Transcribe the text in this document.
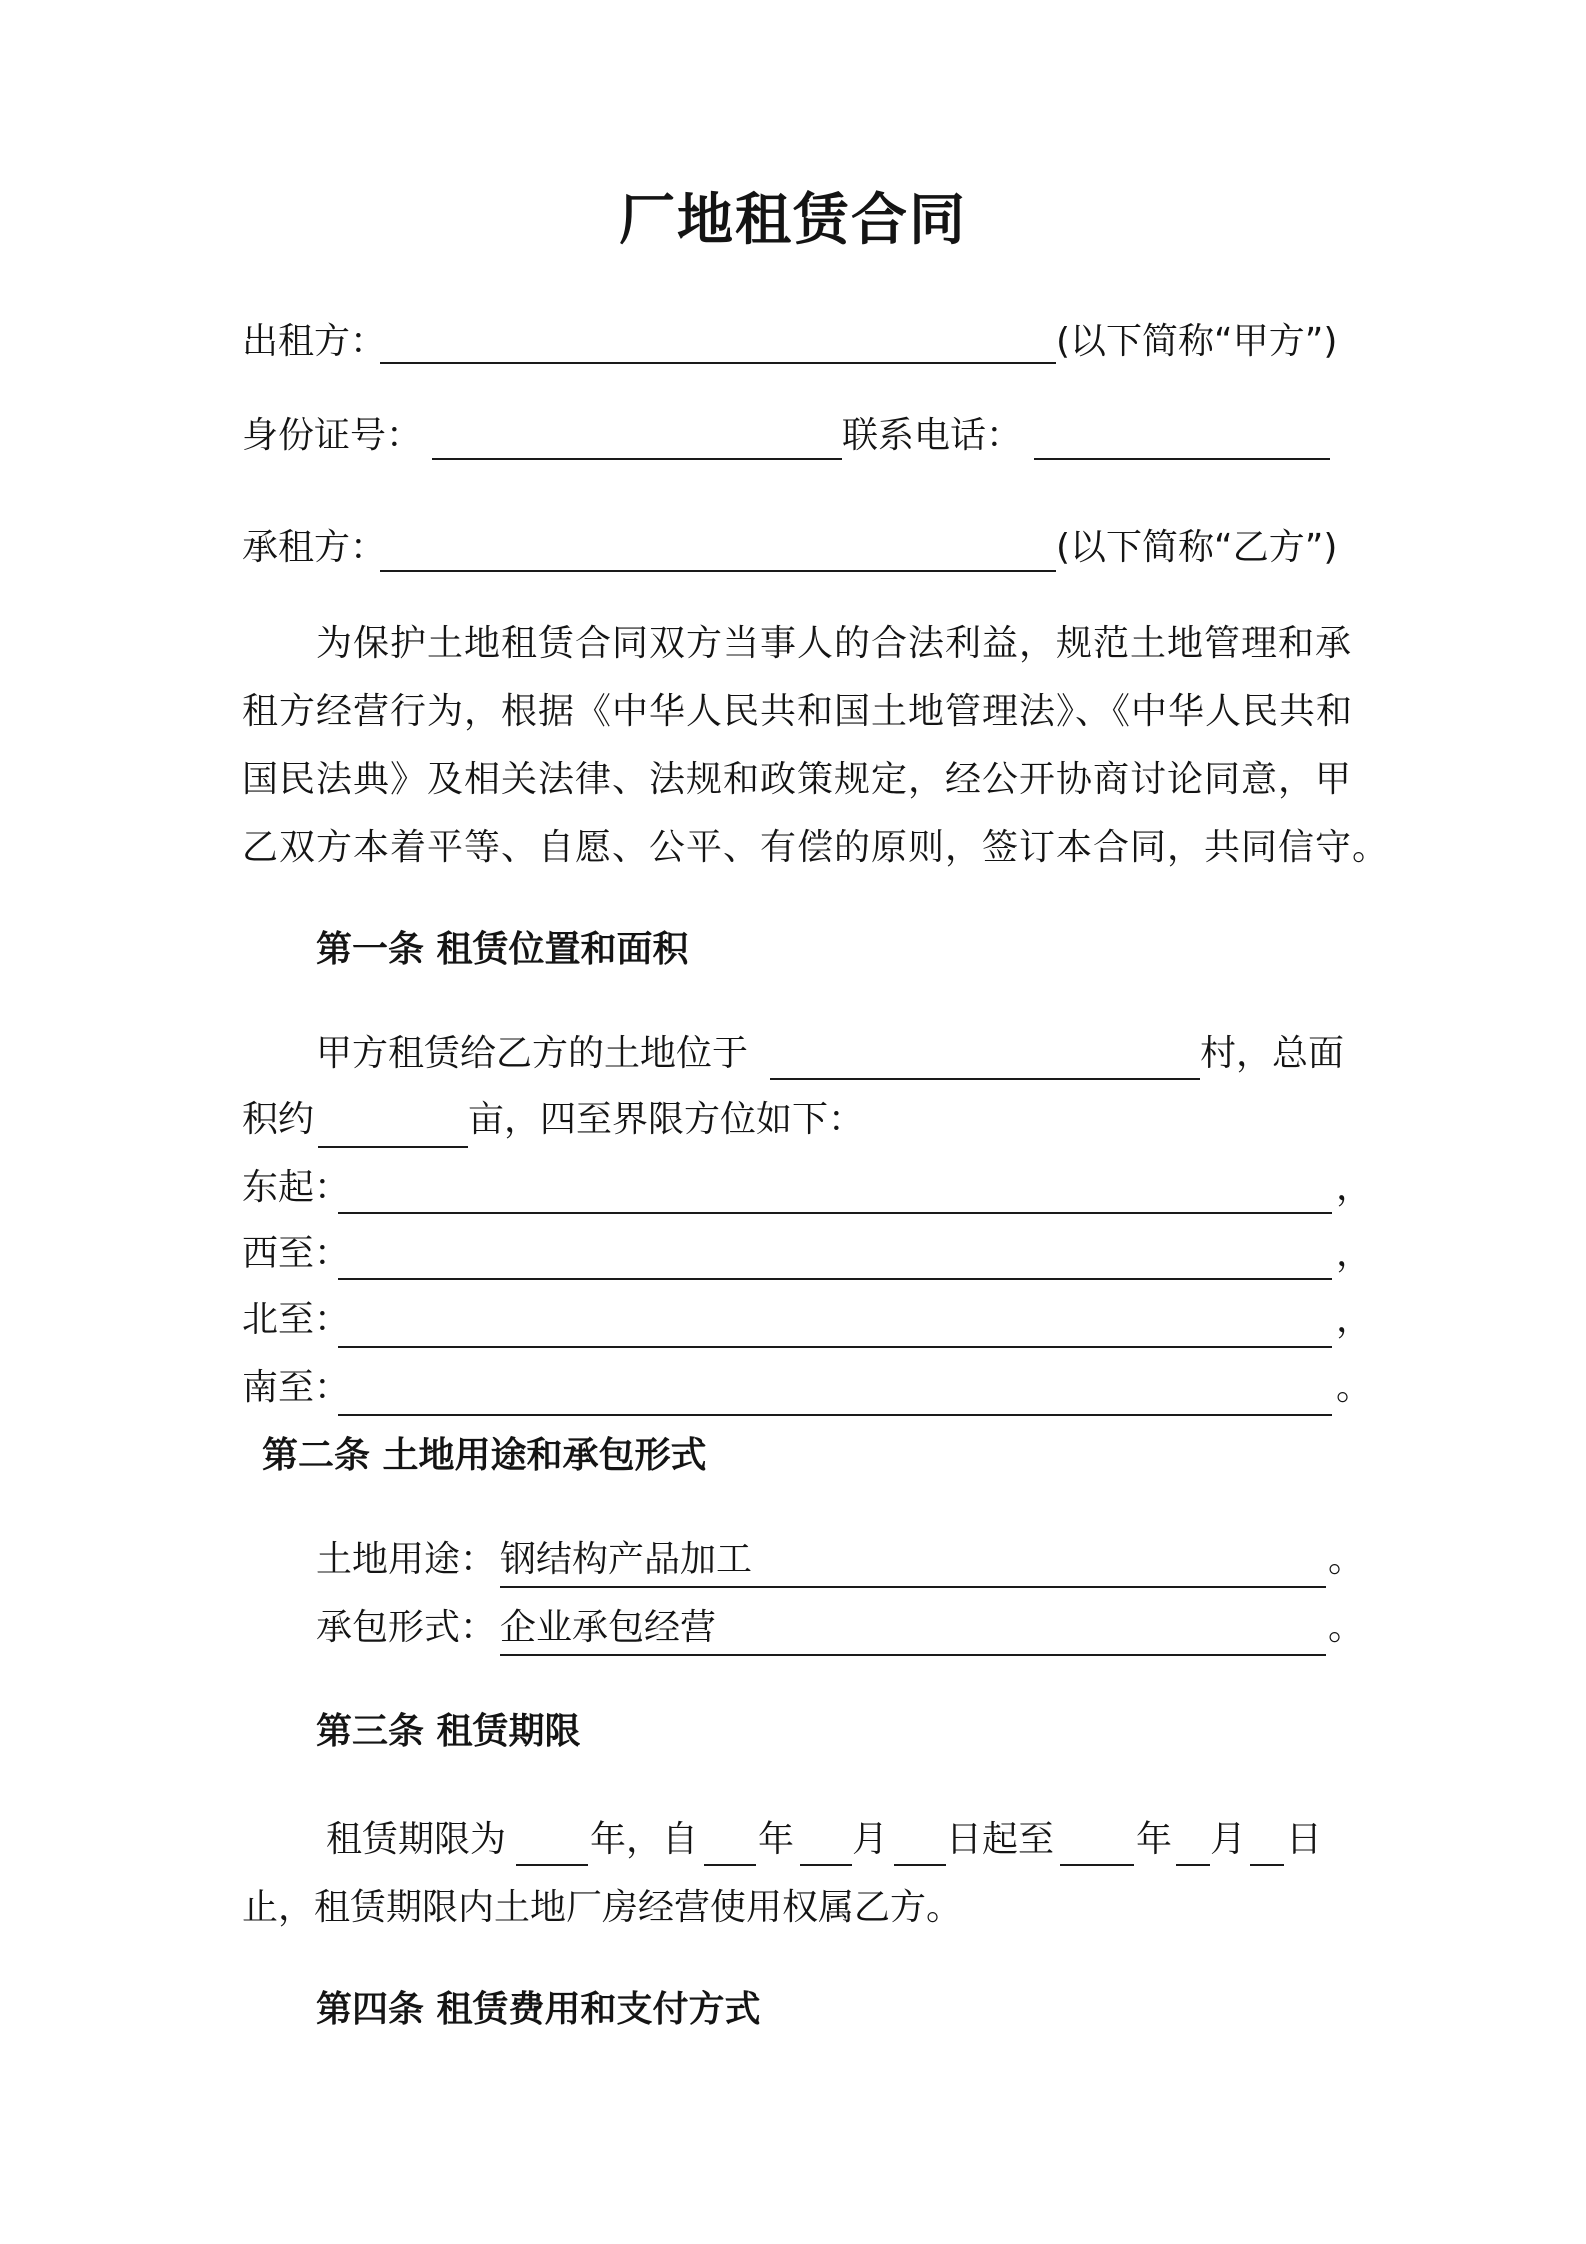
厂地租赁合同
出租方：	(以下简称“甲方”)
身份证号：	联系电话：
承租方：	(以下简称“乙方”)
为保护土地租赁合同双方当事人的合法利益，规范土地管理和承
租方经营行为，根据《中华人民共和国土地管理法》、《中华人民共和
国民法典》及相关法律、法规和政策规定，经公开协商讨论同意，甲
乙双方本着平等、自愿、公平、有偿的原则，签订本合同，共同信守。
第一条 租赁位置和面积
甲方租赁给乙方的土地位于	村，总面
积约	亩，四至界限方位如下：
东起：	，
西至：	，
北至：	，
南至：	。
第二条 土地用途和承包形式
土地用途： 钢结构产品加工	。
承包形式： 企业承包经营	。
第三条 租赁期限
租赁期限为 年，自 年 月 日起至 年 月 日
止，租赁期限内土地厂房经营使用权属乙方。
第四条 租赁费用和支付方式
